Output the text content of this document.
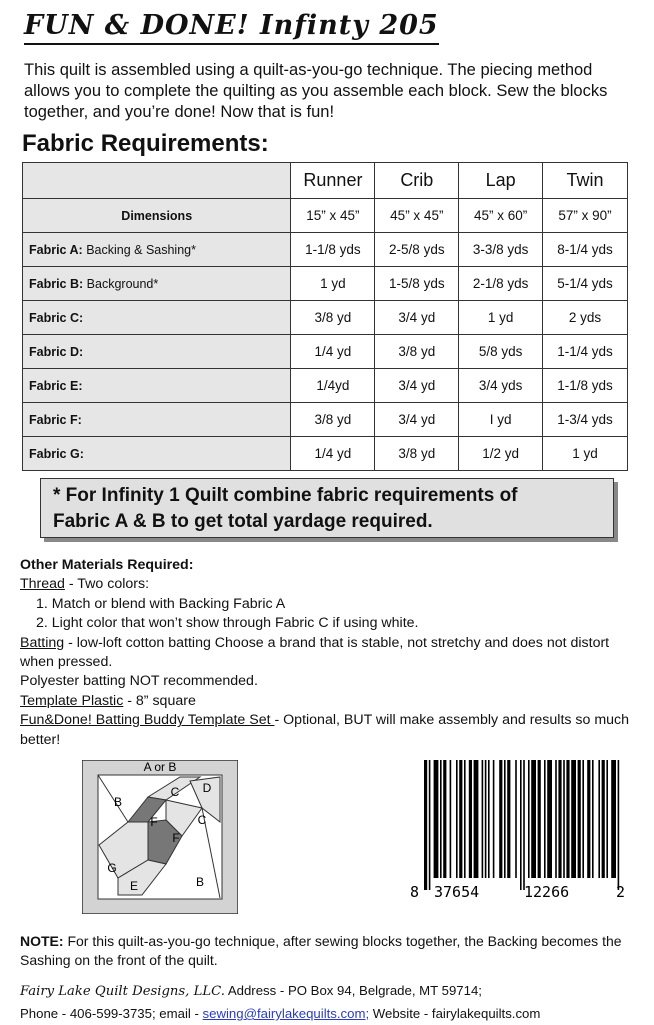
FUN & DONE! Infinty 205
This quilt is assembled using a quilt-as-you-go technique. The piecing method allows you to complete the quilting as you assemble each block. Sew the blocks together, and you’re done! Now that is fun!
Fabric Requirements:
	Runner	Crib	Lap	Twin
Dimensions	15” x 45”	45” x 45”	45” x 60”	57” x 90”
Fabric A: Backing & Sashing*	1-1/8 yds	2-5/8 yds	3-3/8 yds	8-1/4 yds
Fabric B: Background*	1 yd	1-5/8 yds	2-1/8 yds	5-1/4 yds
Fabric C:	3/8 yd	3/4 yd	1 yd	2 yds
Fabric D:	1/4 yd	3/8 yd	5/8 yds	1-1/4 yds
Fabric E:	1/4yd	3/4 yd	3/4 yds	1-1/8 yds
Fabric F:	3/8 yd	3/4 yd	I yd	1-3/4 yds
Fabric G:	1/4 yd	3/8 yd	1/2 yd	1 yd
* For Infinity 1 Quilt combine fabric requirements of
Fabric A & B to get total yardage required.
Other Materials Required:
Thread - Two colors:
1. Match or blend with Backing Fabric A
2. Light color that won’t show through Fabric C if using white.
Batting - low-loft cotton batting Choose a brand that is stable, not stretchy and does not distort when pressed.
Polyester batting NOT recommended.
Template Plastic - 8” square
Fun&Done! Batting Buddy Template Set - Optional, BUT will make assembly and results so much better!
A or B
B
C D
F	C
F
G
E	B
8 37654	12266	2
NOTE: For this quilt-as-you-go technique, after sewing blocks together, the Backing becomes the Sashing on the front of the quilt.
Fairy Lake Quilt Designs, LLC. Address - PO Box 94, Belgrade, MT 59714;
Phone - 406-599-3735; email - sewing@fairylakequilts.com; Website - fairylakequilts.com
